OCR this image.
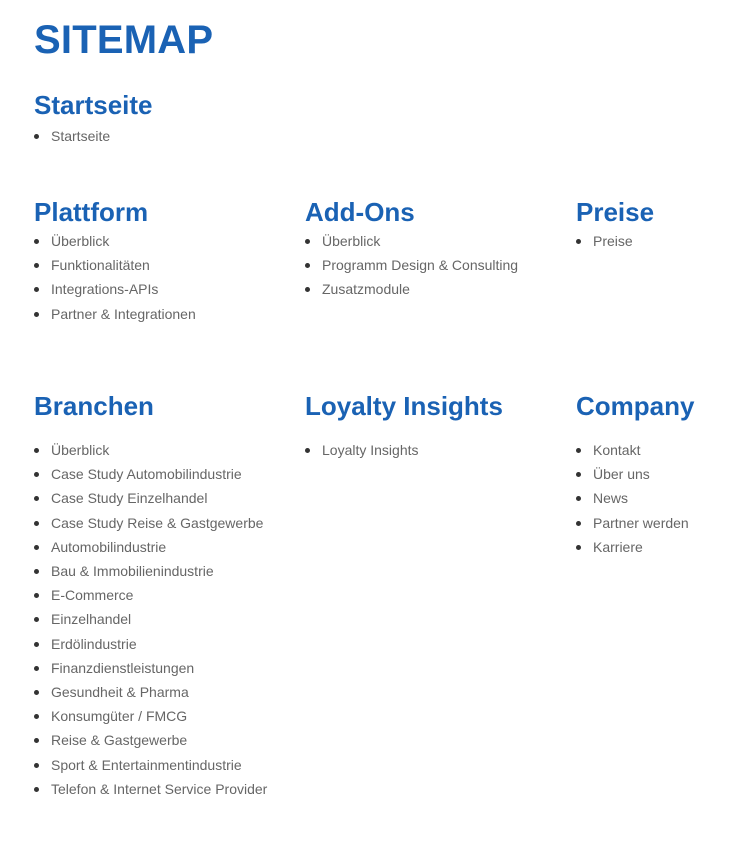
SITEMAP
Startseite
Startseite
Plattform
Überblick
Funktionalitäten
Integrations-APIs
Partner & Integrationen
Add-Ons
Überblick
Programm Design & Consulting
Zusatzmodule
Preise
Preise
Branchen
Überblick
Case Study Automobilindustrie
Case Study Einzelhandel
Case Study Reise & Gastgewerbe
Automobilindustrie
Bau & Immobilienindustrie
E-Commerce
Einzelhandel
Erdölindustrie
Finanzdienstleistungen
Gesundheit & Pharma
Konsumgüter / FMCG
Reise & Gastgewerbe
Sport & Entertainmentindustrie
Telefon & Internet Service Provider
Loyalty Insights
Loyalty Insights
Company
Kontakt
Über uns
News
Partner werden
Karriere
